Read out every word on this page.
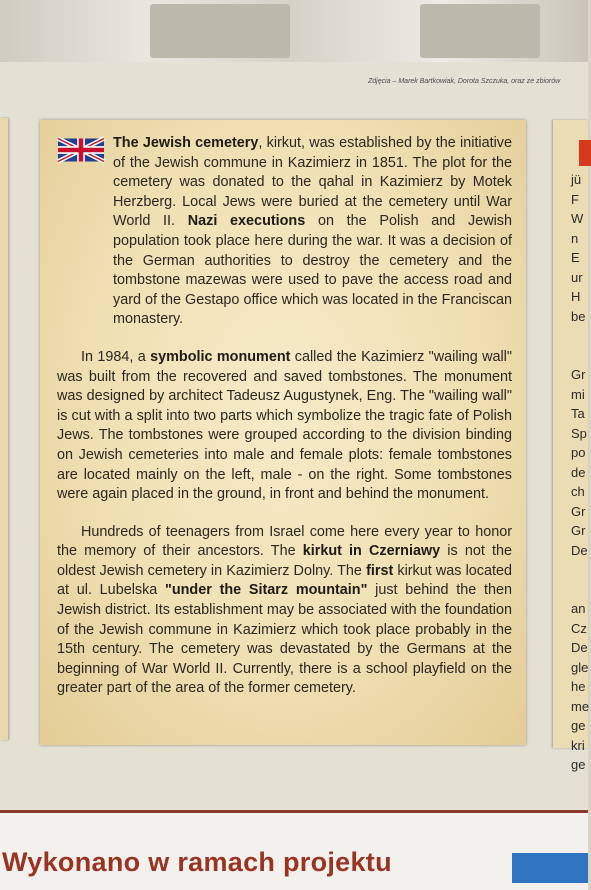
Zdjęcia – Marek Bartkowiak, Dorota Szczuka, oraz ze zbiorów
jü
F
W
n
E
ur
H
be
Gr
mi
Ta
Sp
po
de
ch
Gr
Gr
De
an
Cz
De
gle
he
me
ge
kri
ge

The Jewish cemetery, kirkut, was established by the initiative of the Jewish commune in Kazimierz in 1851. The plot for the cemetery was donated to the qahal in Kazimierz by Motek Herzberg. Local Jews were buried at the cemetery until War World II. Nazi executions on the Polish and Jewish population took place here during the war. It was a decision of the German authorities to destroy the cemetery and the tombstone mazewas were used to pave the access road and yard of the Gestapo office which was located in the Franciscan monastery.

In 1984, a symbolic monument called the Kazimierz "wailing wall" was built from the recovered and saved tombstones. The monument was designed by architect Tadeusz Augustynek, Eng. The "wailing wall" is cut with a split into two parts which symbolize the tragic fate of Polish Jews. The tombstones were grouped according to the division binding on Jewish cemeteries into male and female plots: female tombstones are located mainly on the left, male - on the right. Some tombstones were again placed in the ground, in front and behind the monument.

Hundreds of teenagers from Israel come here every year to honor the memory of their ancestors. The kirkut in Czerniawy is not the oldest Jewish cemetery in Kazimierz Dolny. The first kirkut was located at ul. Lubelska "under the Sitarz mountain" just behind the then Jewish district. Its establishment may be associated with the foundation of the Jewish commune in Kazimierz which took place probably in the 15th century. The cemetery was devastated by the Germans at the beginning of War World II. Currently, there is a school playfield on the greater part of the area of the former cemetery.

Wykonano w ramach projektu
